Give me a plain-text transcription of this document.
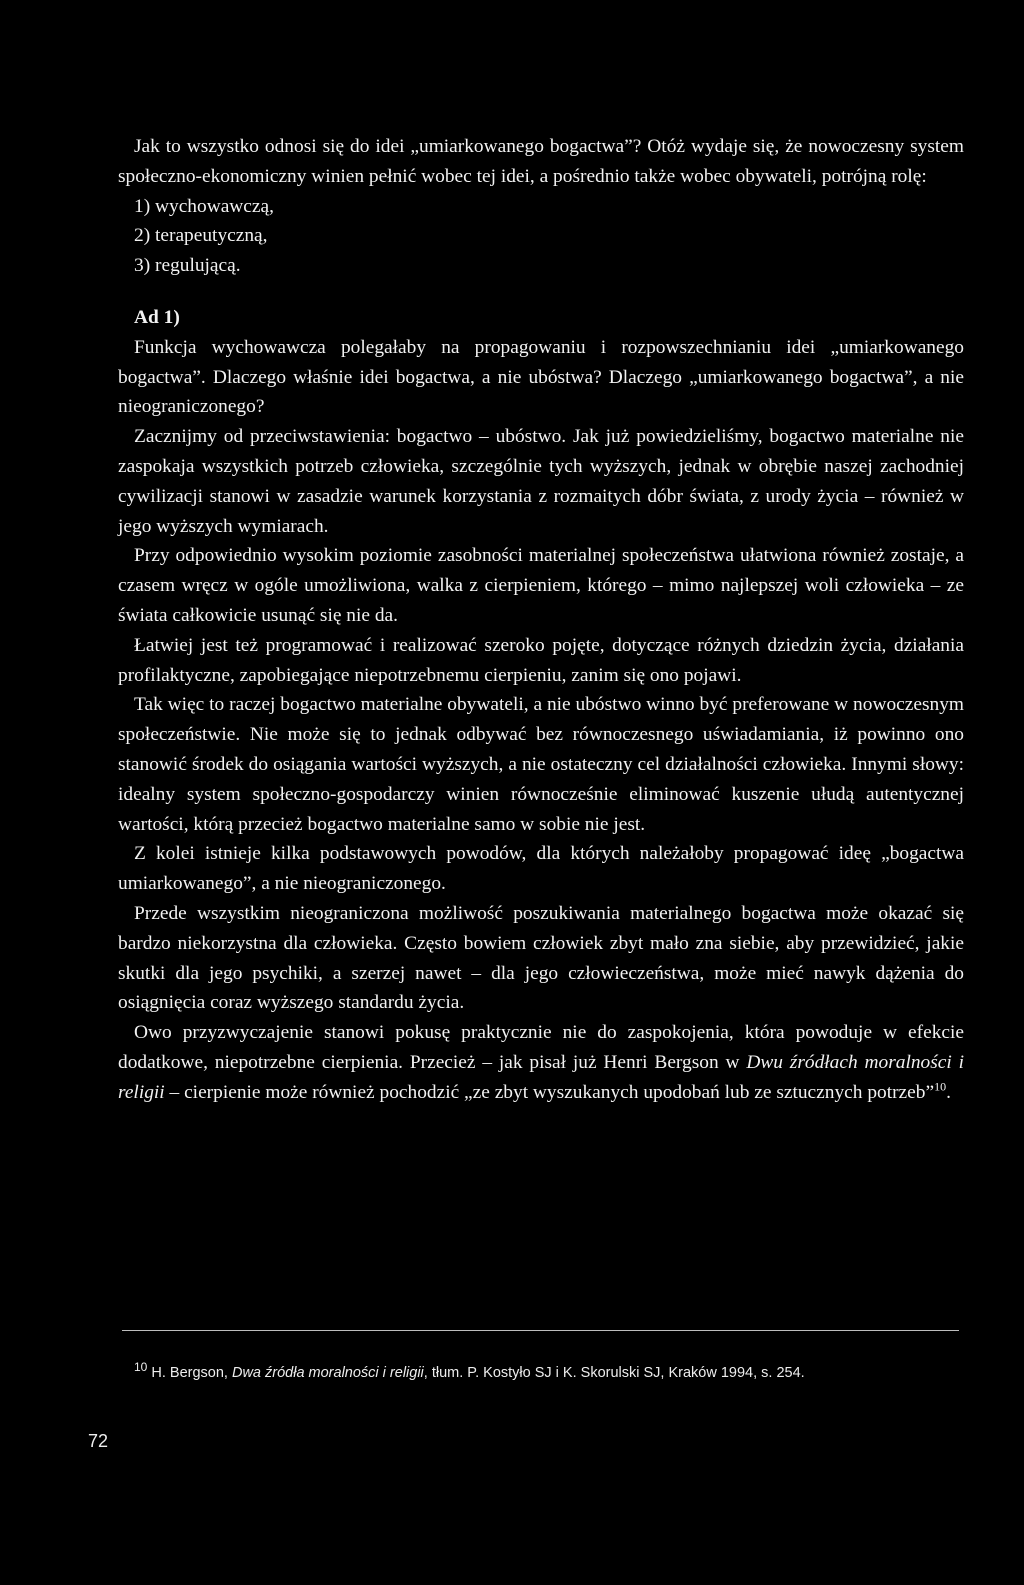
Jak to wszystko odnosi się do idei „umiarkowanego bogactwa”? Otóż wydaje się, że nowoczesny system społeczno-ekonomiczny winien pełnić wobec tej idei, a pośrednio także wobec obywateli, potrójną rolę:

1) wychowawczą,
2) terapeutyczną,
3) regulującą.
Ad 1)

Funkcja wychowawcza polegałaby na propagowaniu i rozpowszechnianiu idei „umiarkowanego bogactwa”. Dlaczego właśnie idei bogactwa, a nie ubóstwa? Dlaczego „umiarkowanego bogactwa”, a nie nieograniczonego?

Zacznijmy od przeciwstawienia: bogactwo – ubóstwo. Jak już powiedzieliśmy, bogactwo materialne nie zaspokaja wszystkich potrzeb człowieka, szczególnie tych wyższych, jednak w obrębie naszej zachodniej cywilizacji stanowi w zasadzie warunek korzystania z rozmaitych dóbr świata, z urody życia – również w jego wyższych wymiarach.

Przy odpowiednio wysokim poziomie zasobności materialnej społeczeństwa ułatwiona również zostaje, a czasem wręcz w ogóle umożliwiona, walka z cierpieniem, którego – mimo najlepszej woli człowieka – ze świata całkowicie usunąć się nie da.

Łatwiej jest też programować i realizować szeroko pojęte, dotyczące różnych dziedzin życia, działania profilaktyczne, zapobiegające niepotrzebnemu cierpieniu, zanim się ono pojawi.

Tak więc to raczej bogactwo materialne obywateli, a nie ubóstwo winno być preferowane w nowoczesnym społeczeństwie. Nie może się to jednak odbywać bez równoczesnego uświadamiania, iż powinno ono stanowić środek do osiągania wartości wyższych, a nie ostateczny cel działalności człowieka. Innymi słowy: idealny system społeczno-gospodarczy winien równocześnie eliminować kuszenie ułudą autentycznej wartości, którą przecież bogactwo materialne samo w sobie nie jest.

Z kolei istnieje kilka podstawowych powodów, dla których należałoby propagować ideę „bogactwa umiarkowanego”, a nie nieograniczonego.

Przede wszystkim nieograniczona możliwość poszukiwania materialnego bogactwa może okazać się bardzo niekorzystna dla człowieka. Często bowiem człowiek zbyt mało zna siebie, aby przewidzieć, jakie skutki dla jego psychiki, a szerzej nawet – dla jego człowieczeństwa, może mieć nawyk dążenia do osiągnięcia coraz wyższego standardu życia.

Owo przyzwyczajenie stanowi pokusę praktycznie nie do zaspokojenia, która powoduje w efekcie dodatkowe, niepotrzebne cierpienia. Przecież – jak pisał już Henri Bergson w Dwu źródłach moralności i religii – cierpienie może również pochodzić „ze zbyt wyszukanych upodobań lub ze sztucznych potrzeb”$^{10}$.

$^{10}$ H. Bergson, Dwa źródła moralności i religii, tłum. P. Kostyło SJ i K. Skorulski SJ, Kraków 1994, s. 254.
72
